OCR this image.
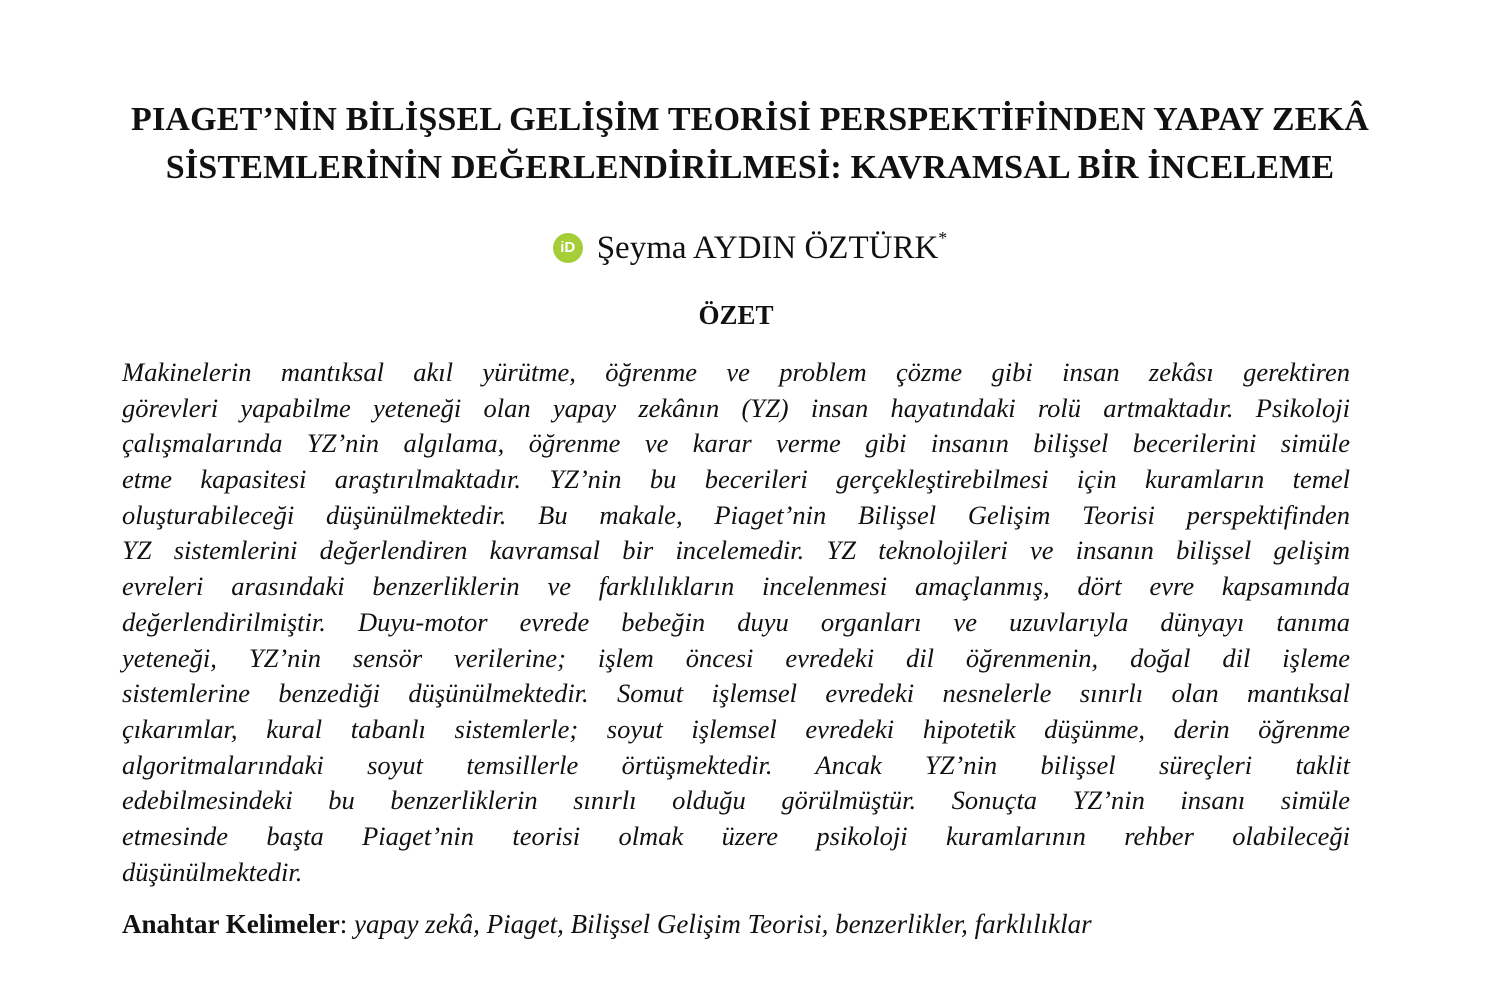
PIAGET’NİN BİLİŞSEL GELİŞİM TEORİSİ PERSPEKTİFİNDEN YAPAY ZEKÂ
SİSTEMLERİNİN DEĞERLENDİRİLMESİ: KAVRAMSAL BİR İNCELEME
iD Şeyma AYDIN ÖZTÜRK*
ÖZET
Makinelerin mantıksal akıl yürütme, öğrenme ve problem çözme gibi insan zekâsı gerektiren
görevleri yapabilme yeteneği olan yapay zekânın (YZ) insan hayatındaki rolü artmaktadır. Psikoloji
çalışmalarında YZ’nin algılama, öğrenme ve karar verme gibi insanın bilişsel becerilerini simüle
etme kapasitesi araştırılmaktadır. YZ’nin bu becerileri gerçekleştirebilmesi için kuramların temel
oluşturabileceği düşünülmektedir. Bu makale, Piaget’nin Bilişsel Gelişim Teorisi perspektifinden
YZ sistemlerini değerlendiren kavramsal bir incelemedir. YZ teknolojileri ve insanın bilişsel gelişim
evreleri arasındaki benzerliklerin ve farklılıkların incelenmesi amaçlanmış, dört evre kapsamında
değerlendirilmiştir. Duyu-motor evrede bebeğin duyu organları ve uzuvlarıyla dünyayı tanıma
yeteneği, YZ’nin sensör verilerine; işlem öncesi evredeki dil öğrenmenin, doğal dil işleme
sistemlerine benzediği düşünülmektedir. Somut işlemsel evredeki nesnelerle sınırlı olan mantıksal
çıkarımlar, kural tabanlı sistemlerle; soyut işlemsel evredeki hipotetik düşünme, derin öğrenme
algoritmalarındaki soyut temsillerle örtüşmektedir. Ancak YZ’nin bilişsel süreçleri taklit
edebilmesindeki bu benzerliklerin sınırlı olduğu görülmüştür. Sonuçta YZ’nin insanı simüle
etmesinde başta Piaget’nin teorisi olmak üzere psikoloji kuramlarının rehber olabileceği
düşünülmektedir.
Anahtar Kelimeler: yapay zekâ, Piaget, Bilişsel Gelişim Teorisi, benzerlikler, farklılıklar
